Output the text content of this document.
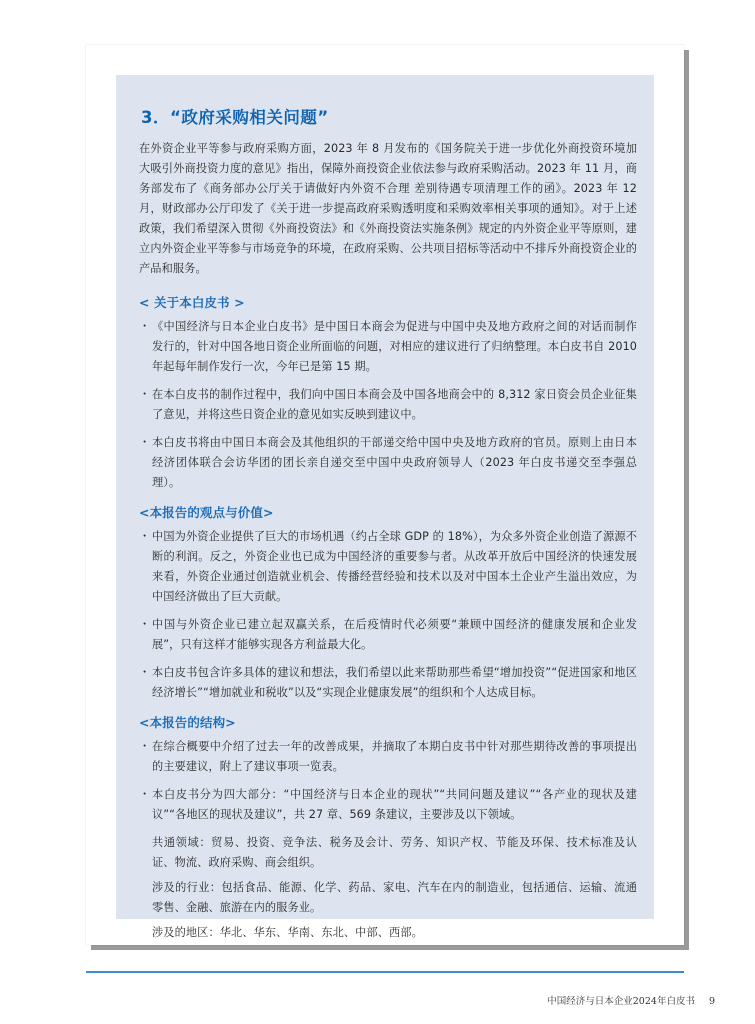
3．“政府采购相关问题”

在外资企业平等参与政府采购方面，2023 年 8 月发布的《国务院关于进一步优化外商投资环境加大吸引外商投资力度的意见》指出，保障外商投资企业依法参与政府采购活动。2023 年 11 月，商务部发布了《商务部办公厅关于请做好内外资不合理 差别待遇专项清理工作的函》。2023 年 12 月，财政部办公厅印发了《关于进一步提高政府采购透明度和采购效率相关事项的通知》。对于上述政策，我们希望深入贯彻《外商投资法》和《外商投资法实施条例》规定的内外资企业平等原则，建立内外资企业平等参与市场竞争的环境，在政府采购、公共项目招标等活动中不排斥外商投资企业的产品和服务。

< 关于本白皮书 >
・ 《中国经济与日本企业白皮书》是中国日本商会为促进与中国中央及地方政府之间的对话而制作发行的，针对中国各地日资企业所面临的问题，对相应的建议进行了归纳整理。本白皮书自 2010 年起每年制作发行一次，今年已是第 15 期。
・ 在本白皮书的制作过程中，我们向中国日本商会及中国各地商会中的 8,312 家日资会员企业征集了意见，并将这些日资企业的意见如实反映到建议中。
・ 本白皮书将由中国日本商会及其他组织的干部递交给中国中央及地方政府的官员。原则上由日本经济团体联合会访华团的团长亲自递交至中国中央政府领导人（2023 年白皮书递交至李强总理）。
<本报告的观点与价值>
・ 中国为外资企业提供了巨大的市场机遇（约占全球 GDP 的 18%），为众多外资企业创造了源源不断的利润。反之，外资企业也已成为中国经济的重要参与者。从改革开放后中国经济的快速发展来看，外资企业通过创造就业机会、传播经营经验和技术以及对中国本土企业产生溢出效应，为中国经济做出了巨大贡献。
・ 中国与外资企业已建立起双赢关系，在后疫情时代必须要“兼顾中国经济的健康发展和企业发展”，只有这样才能够实现各方利益最大化。
・ 本白皮书包含许多具体的建议和想法，我们希望以此来帮助那些希望“增加投资”“促进国家和地区经济增长”“增加就业和税收”以及“实现企业健康发展”的组织和个人达成目标。
<本报告的结构>
・ 在综合概要中介绍了过去一年的改善成果，并摘取了本期白皮书中针对那些期待改善的事项提出的主要建议，附上了建议事项一览表。
・ 本白皮书分为四大部分：“中国经济与日本企业的现状”“共同问题及建议”“各产业的现状及建议”“各地区的现状及建议”，共 27 章、569 条建议，主要涉及以下领域。
共通领域：贸易、投资、竞争法、税务及会计、劳务、知识产权、节能及环保、技术标准及认证、物流、政府采购、商会组织。
涉及的行业：包括食品、能源、化学、药品、家电、汽车在内的制造业，包括通信、运输、流通零售、金融、旅游在内的服务业。
涉及的地区：华北、华东、华南、东北、中部、西部。
中国经济与日本企业2024年白皮书 9
